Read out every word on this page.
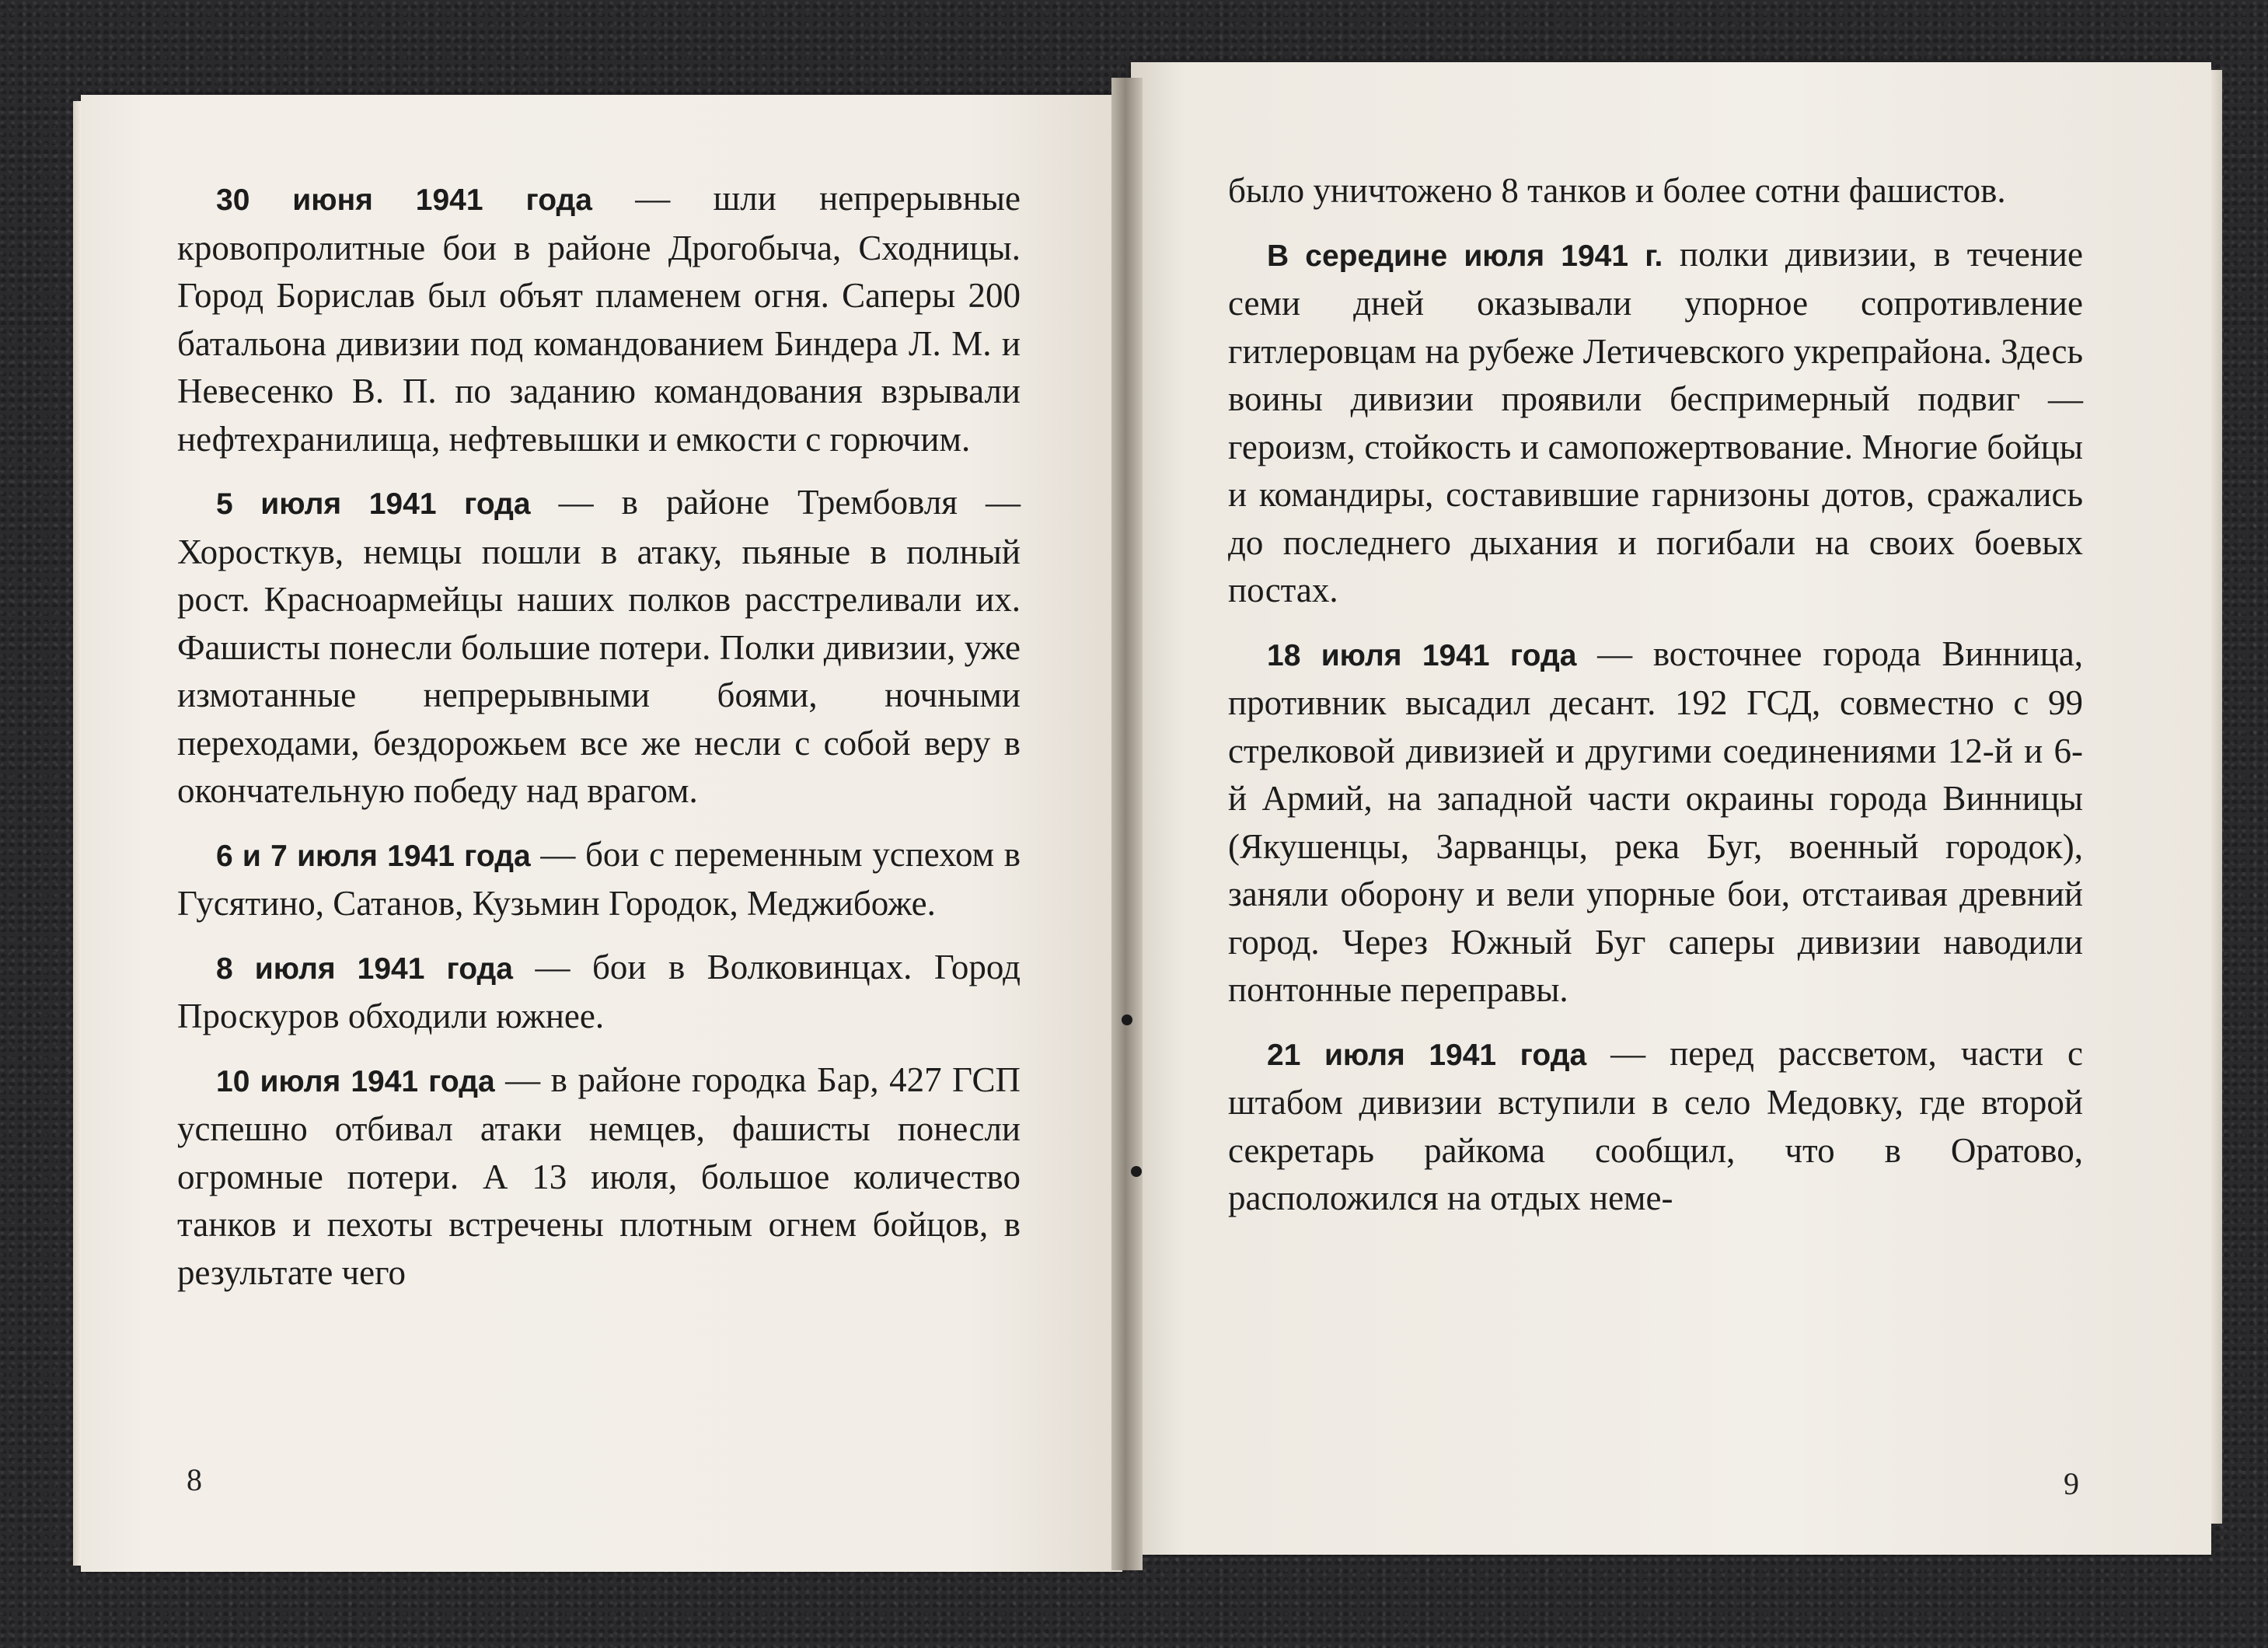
30 июня 1941 года — шли непрерывные кровопролитные бои в районе Дрогобыча, Сходницы. Город Борислав был объят пламенем огня. Саперы 200 батальона дивизии под командованием Биндера Л. М. и Невесенко В. П. по заданию командования взрывали нефтехранилища, нефтевышки и емкости с горючим.

5 июля 1941 года — в районе Трембовля — Хоросткув, немцы пошли в атаку, пьяные в полный рост. Красноармейцы наших полков расстреливали их. Фашисты понесли большие потери. Полки дивизии, уже измотанные непрерывными боями, ночными переходами, бездорожьем все же несли с собой веру в окончательную победу над врагом.

6 и 7 июля 1941 года — бои с переменным успехом в Гусятино, Сатанов, Кузьмин Городок, Меджибоже.

8 июля 1941 года — бои в Волковинцах. Город Проскуров обходили южнее.

10 июля 1941 года — в районе городка Бар, 427 ГСП успешно отбивал атаки немцев, фашисты понесли огромные потери. А 13 июля, большое количество танков и пехоты встречены плотным огнем бойцов, в результате чего

8

было уничтожено 8 танков и более сотни фашистов.

В середине июля 1941 г. полки дивизии, в течение семи дней оказывали упорное сопротивление гитлеровцам на рубеже Летичевского укрепрайона. Здесь воины дивизии проявили беспримерный подвиг — героизм, стойкость и самопожертвование. Многие бойцы и командиры, составившие гарнизоны дотов, сражались до последнего дыхания и погибали на своих боевых постах.

18 июля 1941 года — восточнее города Винница, противник высадил десант. 192 ГСД, совместно с 99 стрелковой дивизией и другими соединениями 12-й и 6-й Армий, на западной части окраины города Винницы (Якушенцы, Зарванцы, река Буг, военный городок), заняли оборону и вели упорные бои, отстаивая древний город. Через Южный Буг саперы дивизии наводили понтонные переправы.

21 июля 1941 года — перед рассветом, части с штабом дивизии вступили в село Медовку, где второй секретарь райкома сообщил, что в Оратово, расположился на отдых неме-

9
